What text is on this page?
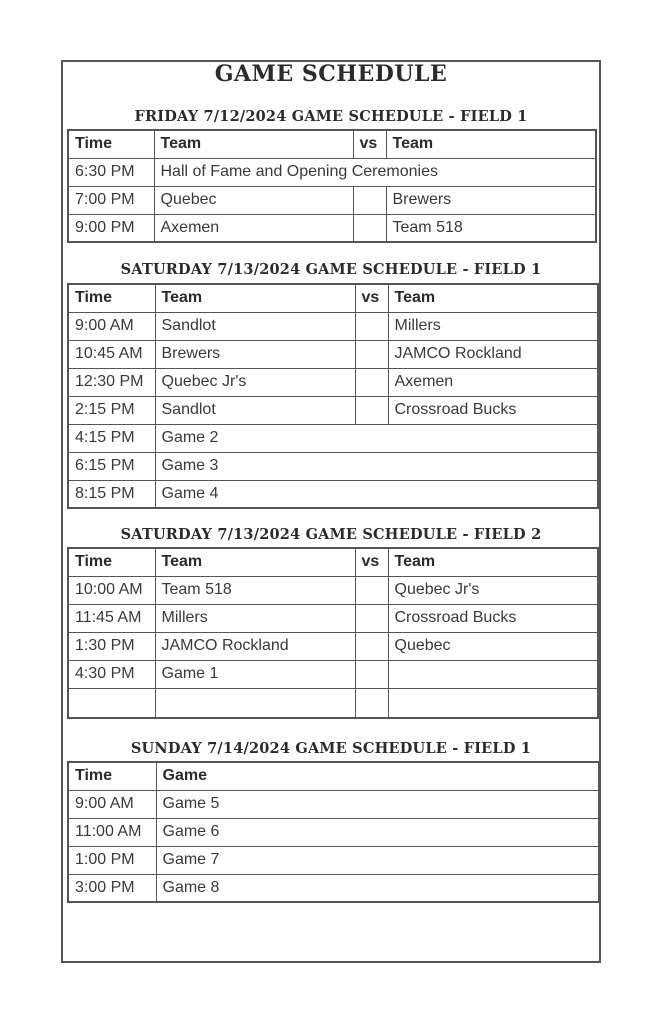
GAME SCHEDULE
FRIDAY 7/12/2024 GAME SCHEDULE - FIELD 1
Time	Team	vs	Team
6:30 PM	Hall of Fame and Opening Ceremonies		
7:00 PM	Quebec		Brewers
9:00 PM	Axemen		Team 518
SATURDAY 7/13/2024 GAME SCHEDULE - FIELD 1
Time	Team	vs	Team
9:00 AM	Sandlot		Millers
10:45 AM	Brewers		JAMCO Rockland
12:30 PM	Quebec Jr's		Axemen
2:15 PM	Sandlot		Crossroad Bucks
4:15 PM	Game 2		
6:15 PM	Game 3		
8:15 PM	Game 4		
SATURDAY 7/13/2024 GAME SCHEDULE - FIELD 2
Time	Team	vs	Team
10:00 AM	Team 518		Quebec Jr's
11:45 AM	Millers		Crossroad Bucks
1:30 PM	JAMCO Rockland		Quebec
4:30 PM	Game 1		

SUNDAY 7/14/2024 GAME SCHEDULE - FIELD 1
Time	Game
9:00 AM	Game 5
11:00 AM	Game 6
1:00 PM	Game 7
3:00 PM	Game 8
